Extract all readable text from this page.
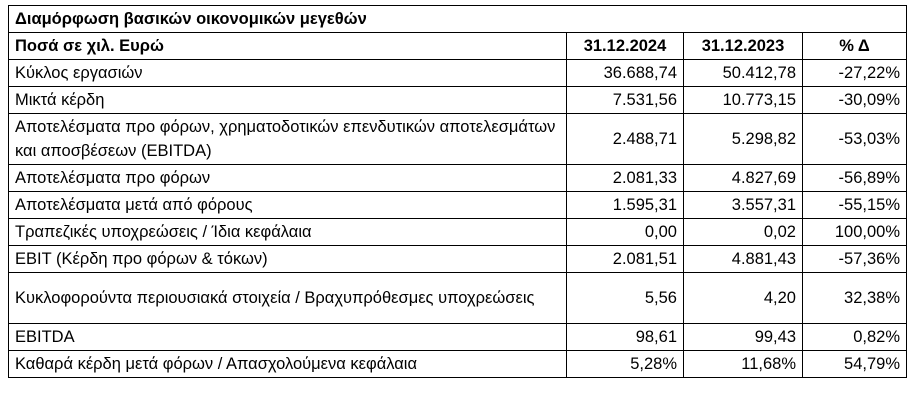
Διαμόρφωση βασικών οικονομικών μεγεθών			
Ποσά σε χιλ. Ευρώ	31.12.2024	31.12.2023	% Δ
Κύκλος εργασιών	36.688,74	50.412,78	-27,22%
Μικτά κέρδη	7.531,56	10.773,15	-30,09%
Αποτελέσματα προ φόρων, χρηματοδοτικών επενδυτικών αποτελεσμάτων και αποσβέσεων (EBITDA)	2.488,71	5.298,82	-53,03%
Αποτελέσματα προ φόρων	2.081,33	4.827,69	-56,89%
Αποτελέσματα μετά από φόρους	1.595,31	3.557,31	-55,15%
Τραπεζικές υποχρεώσεις / Ίδια κεφάλαια	0,00	0,02	100,00%
EBIT (Κέρδη προ φόρων & τόκων)	2.081,51	4.881,43	-57,36%
Κυκλοφορούντα περιουσιακά στοιχεία / Βραχυπρόθεσμες υποχρεώσεις	5,56	4,20	32,38%
EBITDA	98,61	99,43	0,82%
Καθαρά κέρδη μετά φόρων / Απασχολούμενα κεφάλαια	5,28%	11,68%	54,79%
